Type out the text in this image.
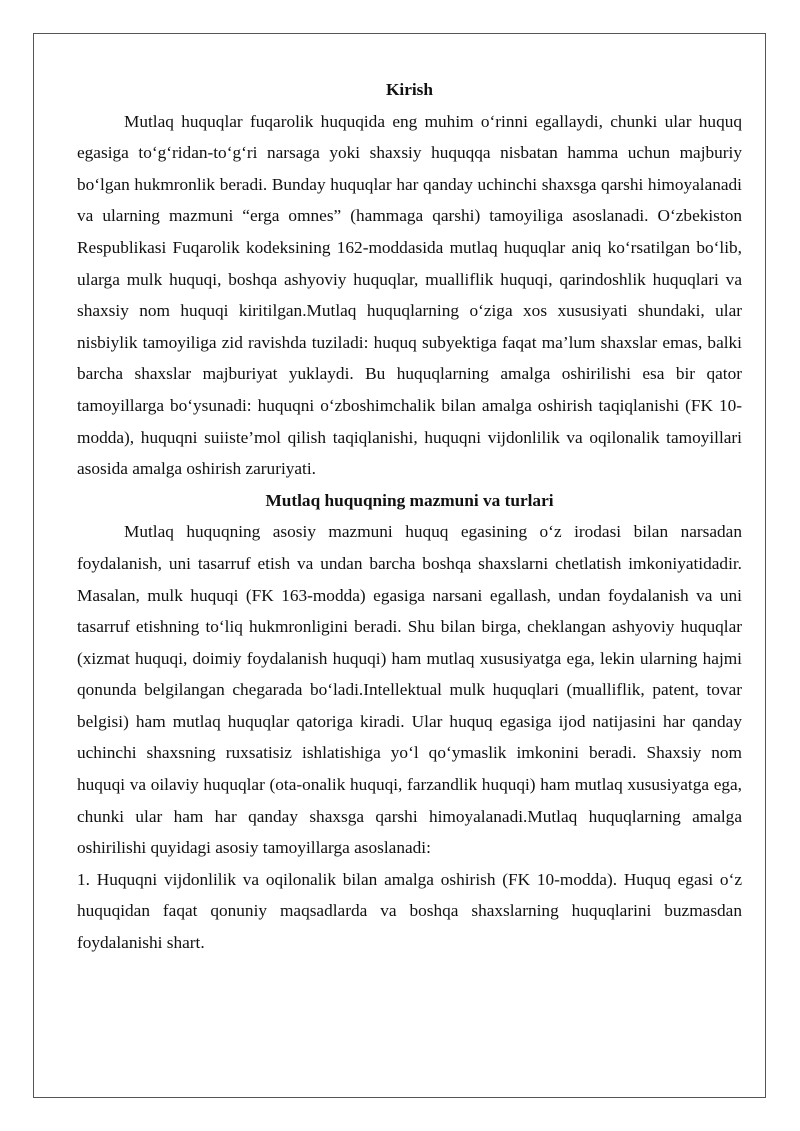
Kirish

Mutlaq huquqlar fuqarolik huquqida eng muhim o‘rinni egallaydi, chunki ular huquq egasiga to‘g‘ridan-to‘g‘ri narsaga yoki shaxsiy huquqqa nisbatan hamma uchun majburiy bo‘lgan hukmronlik beradi. Bunday huquqlar har qanday uchinchi shaxsga qarshi himoyalanadi va ularning mazmuni “erga omnes” (hammaga qarshi) tamoyiliga asoslanadi. O‘zbekiston Respublikasi Fuqarolik kodeksining 162-moddasida mutlaq huquqlar aniq ko‘rsatilgan bo‘lib, ularga mulk huquqi, boshqa ashyoviy huquqlar, mualliflik huquqi, qarindoshlik huquqlari va shaxsiy nom huquqi kiritilgan.Mutlaq huquqlarning o‘ziga xos xususiyati shundaki, ular nisbiylik tamoyiliga zid ravishda tuziladi: huquq subyektiga faqat ma’lum shaxslar emas, balki barcha shaxslar majburiyat yuklaydi. Bu huquqlarning amalga oshirilishi esa bir qator tamoyillarga bo‘ysunadi: huquqni o‘zboshimchalik bilan amalga oshirish taqiqlanishi (FK 10-modda), huquqni suiiste’mol qilish taqiqlanishi, huquqni vijdonlilik va oqilonalik tamoyillari asosida amalga oshirish zaruriyati.

Mutlaq huquqning mazmuni va turlari

Mutlaq huquqning asosiy mazmuni huquq egasining o‘z irodasi bilan narsadan foydalanish, uni tasarruf etish va undan barcha boshqa shaxslarni chetlatish imkoniyatidadir. Masalan, mulk huquqi (FK 163-modda) egasiga narsani egallash, undan foydalanish va uni tasarruf etishning to‘liq hukmronligini beradi. Shu bilan birga, cheklangan ashyoviy huquqlar (xizmat huquqi, doimiy foydalanish huquqi) ham mutlaq xususiyatga ega, lekin ularning hajmi qonunda belgilangan chegarada bo‘ladi.Intellektual mulk huquqlari (mualliflik, patent, tovar belgisi) ham mutlaq huquqlar qatoriga kiradi. Ular huquq egasiga ijod natijasini har qanday uchinchi shaxsning ruxsatisiz ishlatishiga yo‘l qo‘ymaslik imkonini beradi. Shaxsiy nom huquqi va oilaviy huquqlar (ota-onalik huquqi, farzandlik huquqi) ham mutlaq xususiyatga ega, chunki ular ham har qanday shaxsga qarshi himoyalanadi.Mutlaq huquqlarning amalga oshirilishi quyidagi asosiy tamoyillarga asoslanadi:

1. Huquqni vijdonlilik va oqilonalik bilan amalga oshirish (FK 10-modda). Huquq egasi o‘z huquqidan faqat qonuniy maqsadlarda va boshqa shaxslarning huquqlarini buzmasdan foydalanishi shart.
